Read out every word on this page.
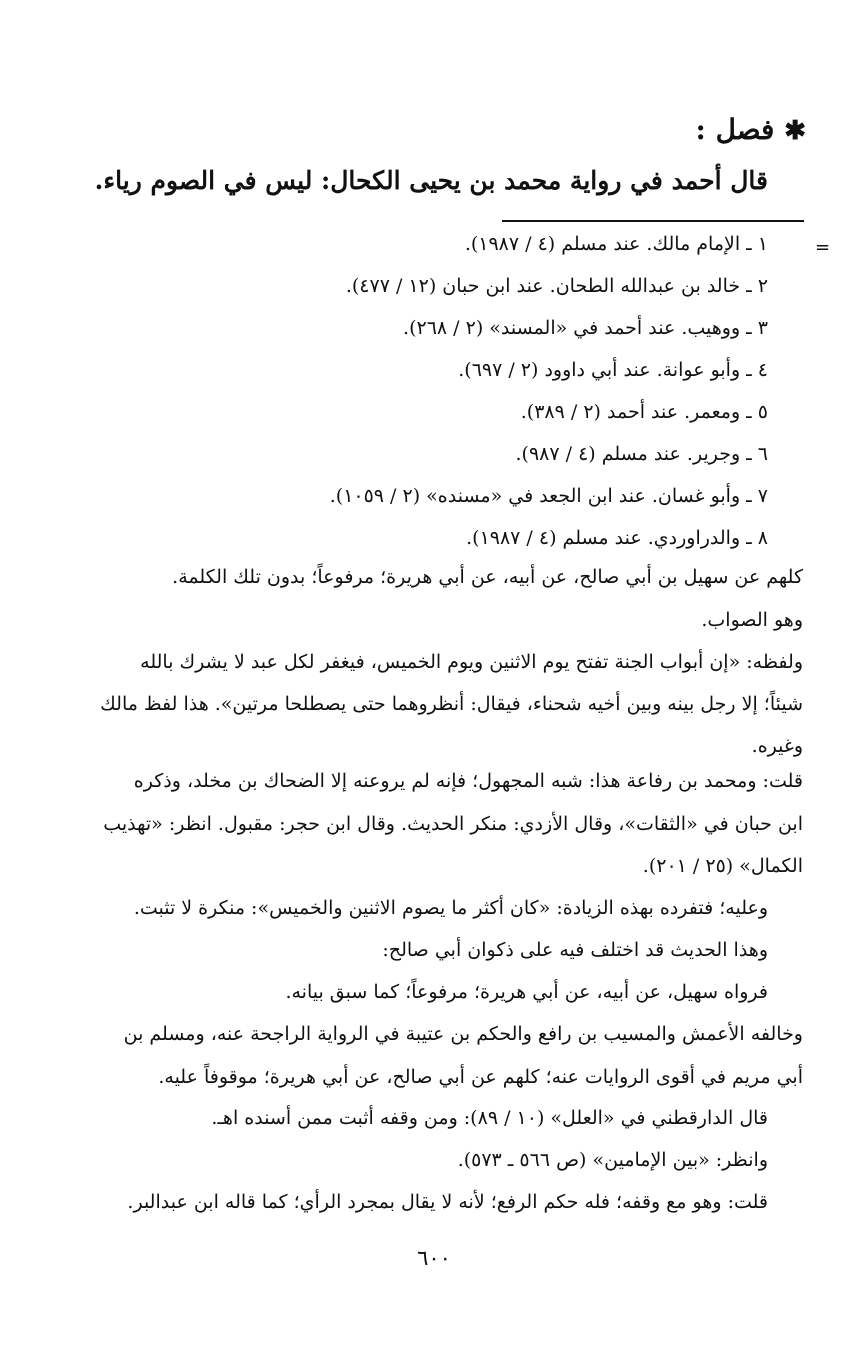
✱ فصل :
قال أحمد في رواية محمد بن يحيى الكحال: ليس في الصوم رياء.
=
١ ـ الإمام مالك. عند مسلم (٤ / ١٩٨٧).
٢ ـ خالد بن عبدالله الطحان. عند ابن حبان (١٢ / ٤٧٧).
٣ ـ ووهيب. عند أحمد في «المسند» (٢ / ٢٦٨).
٤ ـ وأبو عوانة. عند أبي داوود (٢ / ٦٩٧).
٥ ـ ومعمر. عند أحمد (٢ / ٣٨٩).
٦ ـ وجرير. عند مسلم (٤ / ٩٨٧).
٧ ـ وأبو غسان. عند ابن الجعد في «مسنده» (٢ / ١٠٥٩).
٨ ـ والدراوردي. عند مسلم (٤ / ١٩٨٧).
كلهم عن سهيل بن أبي صالح، عن أبيه، عن أبي هريرة؛ مرفوعاً؛ بدون تلك الكلمة.
وهو الصواب.
ولفظه: «إن أبواب الجنة تفتح يوم الاثنين ويوم الخميس، فيغفر لكل عبد لا يشرك بالله
شيئاً؛ إلا رجل بينه وبين أخيه شحناء، فيقال: أنظروهما حتى يصطلحا مرتين». هذا لفظ مالك
وغيره.
قلت: ومحمد بن رفاعة هذا: شبه المجهول؛ فإنه لم يروعنه إلا الضحاك بن مخلد، وذكره
ابن حبان في «الثقات»، وقال الأزدي: منكر الحديث. وقال ابن حجر: مقبول. انظر: «تهذيب
الكمال» (٢٥ / ٢٠١).
وعليه؛ فتفرده بهذه الزيادة: «كان أكثر ما يصوم الاثنين والخميس»: منكرة لا تثبت.
وهذا الحديث قد اختلف فيه على ذكوان أبي صالح:
فرواه سهيل، عن أبيه، عن أبي هريرة؛ مرفوعاً؛ كما سبق بيانه.
وخالفه الأعمش والمسيب بن رافع والحكم بن عتيبة في الرواية الراجحة عنه، ومسلم بن
أبي مريم في أقوى الروايات عنه؛ كلهم عن أبي صالح، عن أبي هريرة؛ موقوفاً عليه.
قال الدارقطني في «العلل» (١٠ / ٨٩): ومن وقفه أثبت ممن أسنده اهـ.
وانظر: «بين الإمامين» (ص ٥٦٦ ـ ٥٧٣).
قلت: وهو مع وقفه؛ فله حكم الرفع؛ لأنه لا يقال بمجرد الرأي؛ كما قاله ابن عبدالبر.
٦٠٠
